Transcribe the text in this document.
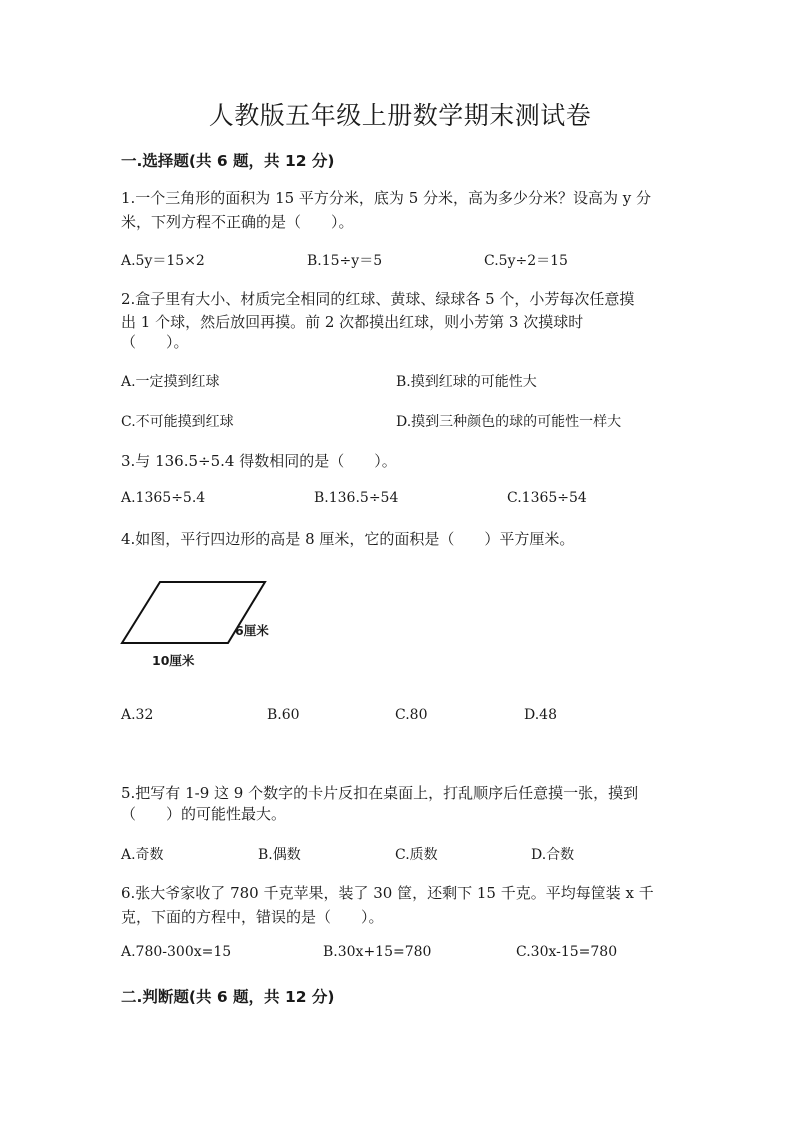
人教版五年级上册数学期末测试卷
一.选择题(共 6 题，共 12 分)
1.一个三角形的面积为 15 平方分米，底为 5 分米，高为多少分米？设高为 y 分
米，下列方程不正确的是（　　）。
A.5y＝15×2	B.15÷y＝5	C.5y÷2＝15
2.盒子里有大小、材质完全相同的红球、黄球、绿球各 5 个，小芳每次任意摸
出 1 个球，然后放回再摸。前 2 次都摸出红球，则小芳第 3 次摸球时
（　　）。
A.一定摸到红球	B.摸到红球的可能性大
C.不可能摸到红球	D.摸到三种颜色的球的可能性一样大
3.与 136.5÷5.4 得数相同的是（　　）。
A.1365÷5.4	B.136.5÷54	C.1365÷54
4.如图，平行四边形的高是 8 厘米，它的面积是（　　）平方厘米。
6厘米
10厘米
A.32	B.60	C.80	D.48
5.把写有 1-9 这 9 个数字的卡片反扣在桌面上，打乱顺序后任意摸一张，摸到
（　　）的可能性最大。
A.奇数	B.偶数	C.质数	D.合数
6.张大爷家收了 780 千克苹果，装了 30 筐，还剩下 15 千克。平均每筐装 x 千
克，下面的方程中，错误的是（　　）。
A.780-300x=15	B.30x+15=780	C.30x-15=780
二.判断题(共 6 题，共 12 分)
